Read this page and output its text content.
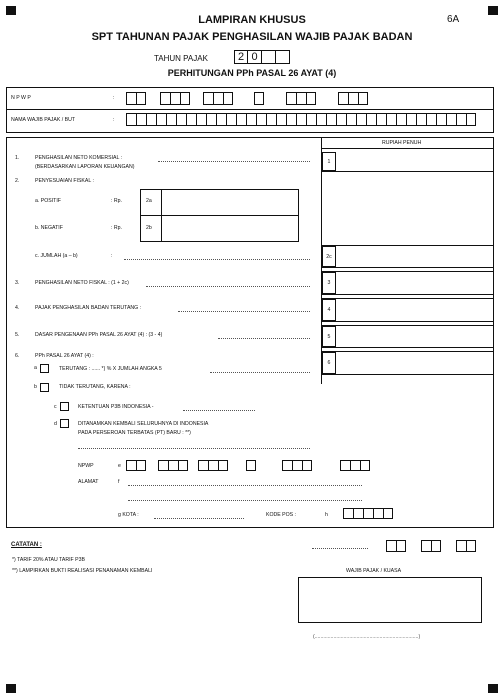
LAMPIRAN KHUSUS	6A
SPT TAHUNAN PAJAK PENGHASILAN WAJIB PAJAK BADAN
TAHUN PAJAK	2 0
PERHITUNGAN PPh PASAL 26 AYAT (4)
N P W P	:
NAMA WAJIB PAJAK / BUT	:
RUPIAH PENUH
1.	PENGHASILAN NETO KOMERSIAL :
(BERDASARKAN LAPORAN KEUANGAN)
1
2.	PENYESUAIAN FISKAL :
a. POSITIF	: Rp.	2a
b. NEGATIF	: Rp.	2b
c. JUMLAH (a – b)	:	2c
3.	PENGHASILAN NETO FISKAL : (1 + 2c)	3
4.	PAJAK PENGHASILAN BADAN TERUTANG :	4
5.	DASAR PENGENAAN PPh PASAL 26 AYAT (4) : (3 - 4)	5
6.	PPh PASAL 26 AYAT (4) :
6
a	TERUTANG : ...... *) % X JUMLAH ANGKA 5
b	TIDAK TERUTANG, KARENA :
c	KETENTUAN P3B INDONESIA -
d	DITANAMKAN KEMBALI SELURUHNYA DI INDONESIA
PADA PERSEROAN TERBATAS (PT) BARU : **)
NPWP	e
ALAMAT	f
g KOTA :	KODE POS :	h
CATATAN :
*) TARIF 20% ATAU TARIF P3B
**) LAMPIRKAN BUKTI REALISASI PENANAMAN KEMBALI	WAJIB PAJAK / KUASA
(........................................................................)
